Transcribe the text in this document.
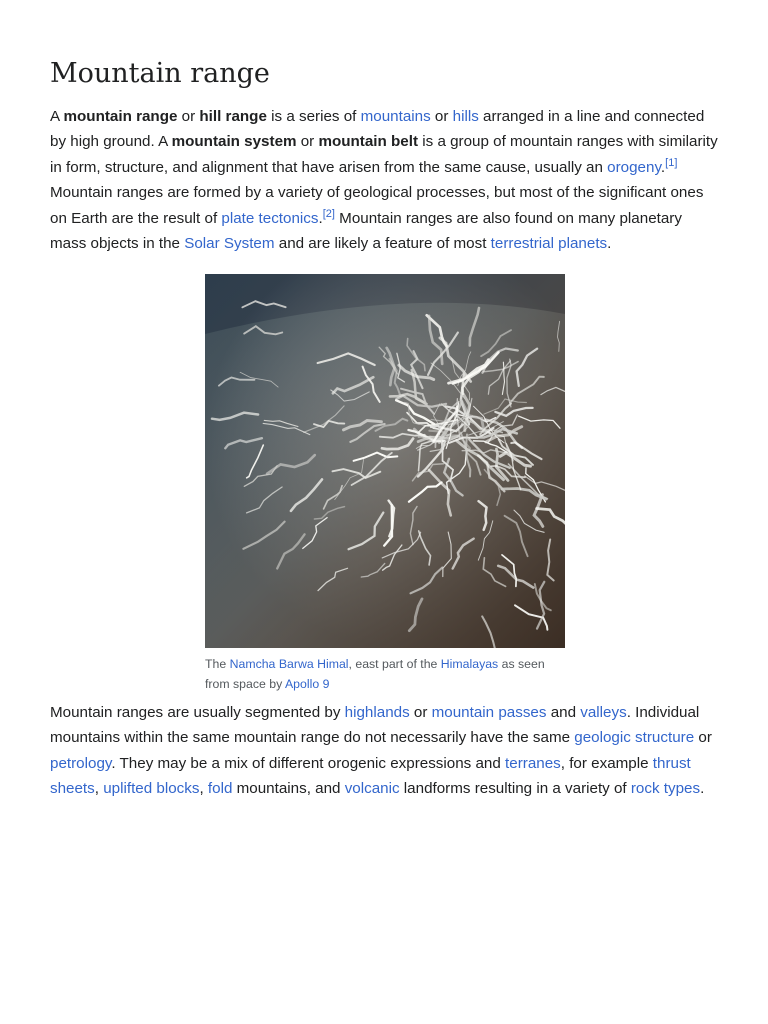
Mountain range

A mountain range or hill range is a series of mountains or hills arranged in a line and connected by high ground. A mountain system or mountain belt is a group of mountain ranges with similarity in form, structure, and alignment that have arisen from the same cause, usually an orogeny.[1] Mountain ranges are formed by a variety of geological processes, but most of the significant ones on Earth are the result of plate tectonics.[2] Mountain ranges are also found on many planetary mass objects in the Solar System and are likely a feature of most terrestrial planets.

The Namcha Barwa Himal, east part of the Himalayas as seen from space by Apollo 9

Mountain ranges are usually segmented by highlands or mountain passes and valleys. Individual mountains within the same mountain range do not necessarily have the same geologic structure or petrology. They may be a mix of different orogenic expressions and terranes, for example thrust sheets, uplifted blocks, fold mountains, and volcanic landforms resulting in a variety of rock types.
